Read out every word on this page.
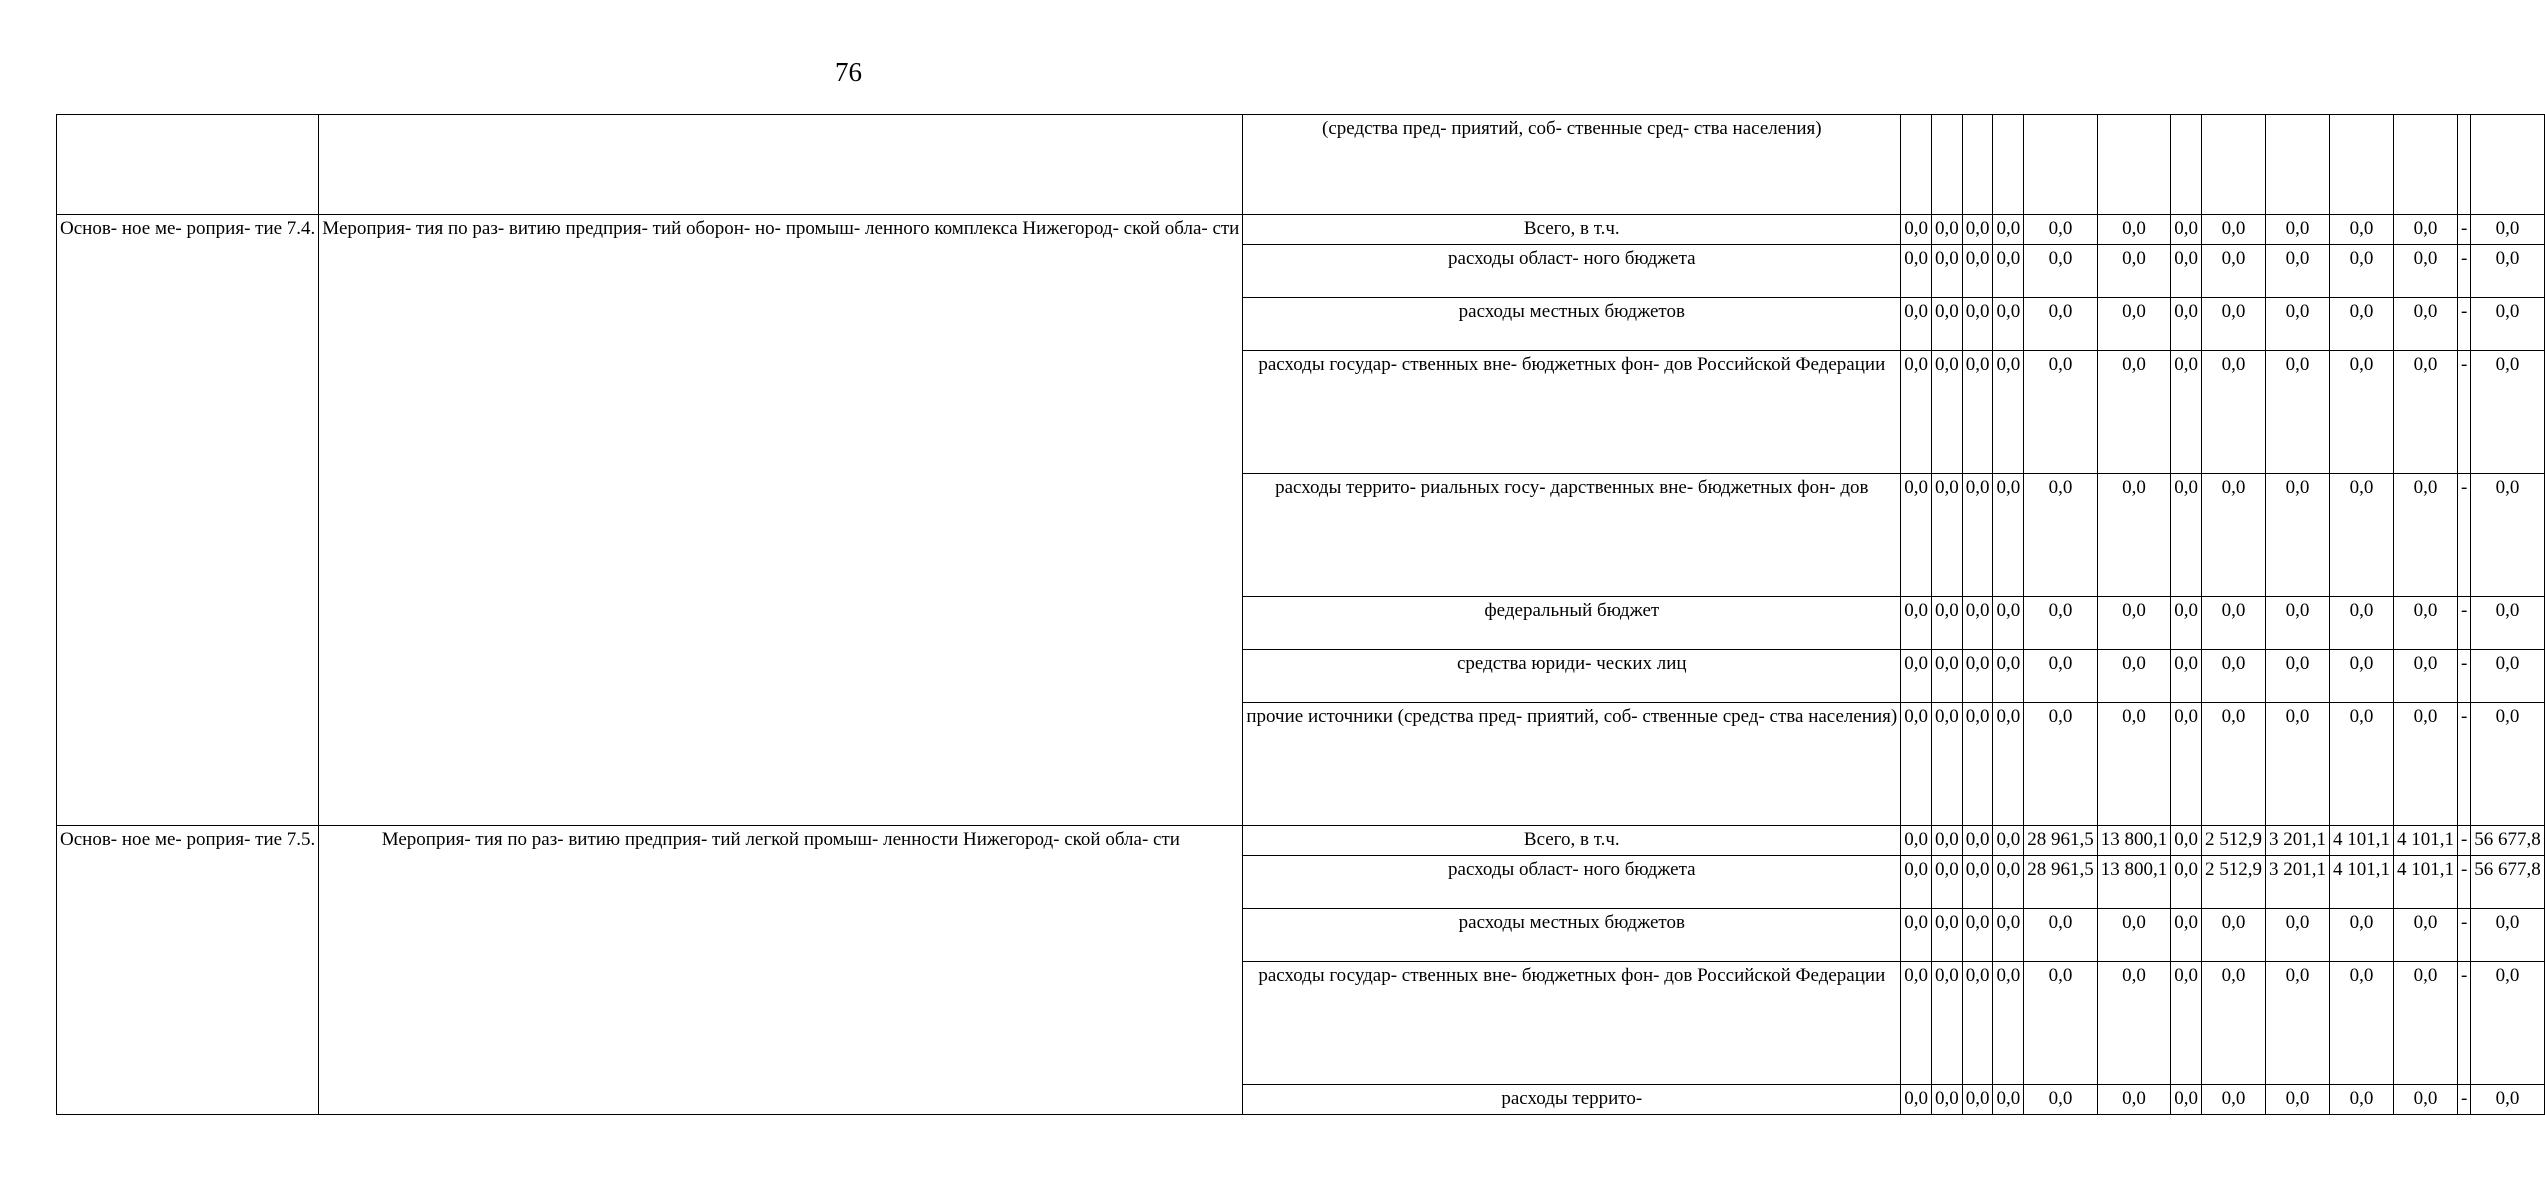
76
		(средства пред- приятий, соб- ственные сред- ства населения)													
Основ- ное ме- роприя- тие 7.4.	Мероприя- тия по раз- витию предприя- тий оборон- но- промыш- ленного комплекса Нижегород- ской обла- сти	Всего, в т.ч.	0,0	0,0	0,0	0,0	0,0	0,0	0,0	0,0	0,0	0,0	0,0	-	0,0
		расходы област- ного бюджета	0,0	0,0	0,0	0,0	0,0	0,0	0,0	0,0	0,0	0,0	0,0	-	0,0
		расходы местных бюджетов	0,0	0,0	0,0	0,0	0,0	0,0	0,0	0,0	0,0	0,0	0,0	-	0,0
		расходы государ- ственных вне- бюджетных фон- дов Российской Федерации	0,0	0,0	0,0	0,0	0,0	0,0	0,0	0,0	0,0	0,0	0,0	-	0,0
		расходы террито- риальных госу- дарственных вне- бюджетных фон- дов	0,0	0,0	0,0	0,0	0,0	0,0	0,0	0,0	0,0	0,0	0,0	-	0,0
		федеральный бюджет	0,0	0,0	0,0	0,0	0,0	0,0	0,0	0,0	0,0	0,0	0,0	-	0,0
		средства юриди- ческих лиц	0,0	0,0	0,0	0,0	0,0	0,0	0,0	0,0	0,0	0,0	0,0	-	0,0
		прочие источники (средства пред- приятий, соб- ственные сред- ства населения)	0,0	0,0	0,0	0,0	0,0	0,0	0,0	0,0	0,0	0,0	0,0	-	0,0
Основ- ное ме- роприя- тие 7.5.	Мероприя- тия по раз- витию предприя- тий легкой промыш- ленности Нижегород- ской обла- сти	Всего, в т.ч.	0,0	0,0	0,0	0,0	28 961,5	13 800,1	0,0	2 512,9	3 201,1	4 101,1	4 101,1	-	56 677,8
		расходы област- ного бюджета	0,0	0,0	0,0	0,0	28 961,5	13 800,1	0,0	2 512,9	3 201,1	4 101,1	4 101,1	-	56 677,8
		расходы местных бюджетов	0,0	0,0	0,0	0,0	0,0	0,0	0,0	0,0	0,0	0,0	0,0	-	0,0
		расходы государ- ственных вне- бюджетных фон- дов Российской Федерации	0,0	0,0	0,0	0,0	0,0	0,0	0,0	0,0	0,0	0,0	0,0	-	0,0
		расходы террито-	0,0	0,0	0,0	0,0	0,0	0,0	0,0	0,0	0,0	0,0	0,0	-	0,0
